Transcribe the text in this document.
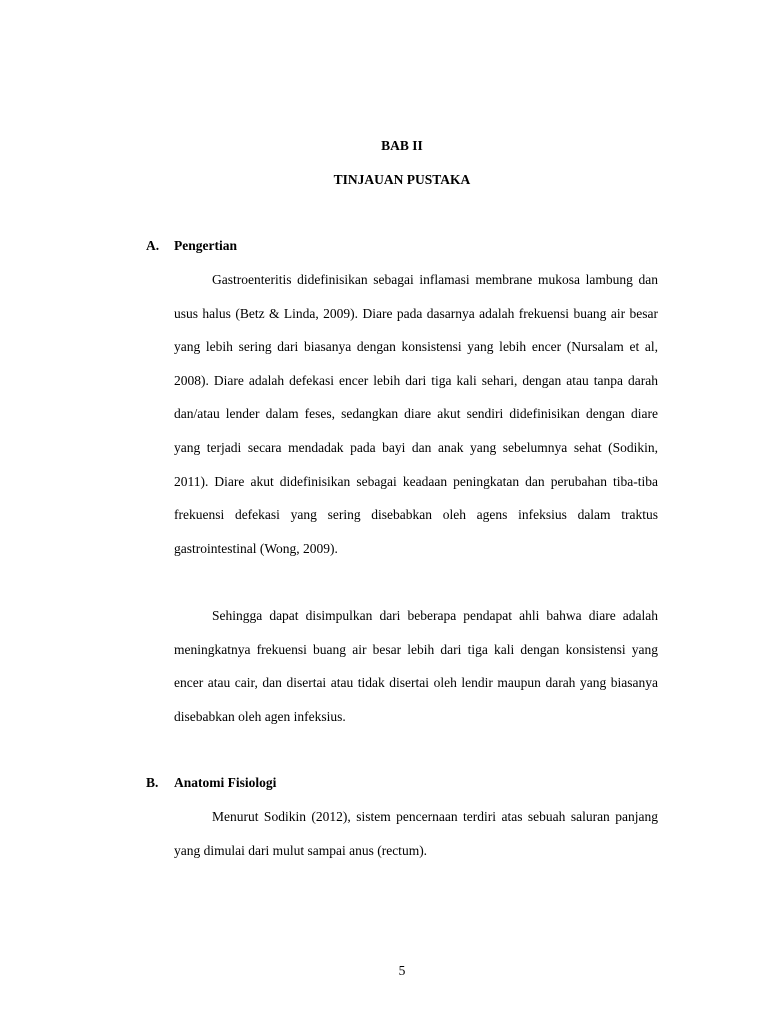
BAB II

TINJAUAN PUSTAKA

A. Pengertian

Gastroenteritis didefinisikan sebagai inflamasi membrane mukosa lambung dan usus halus (Betz & Linda, 2009). Diare pada dasarnya adalah frekuensi buang air besar yang lebih sering dari biasanya dengan konsistensi yang lebih encer (Nursalam et al, 2008). Diare adalah defekasi encer lebih dari tiga kali sehari, dengan atau tanpa darah dan/atau lender dalam feses, sedangkan diare akut sendiri didefinisikan dengan diare yang terjadi secara mendadak pada bayi dan anak yang sebelumnya sehat (Sodikin, 2011). Diare akut didefinisikan sebagai keadaan peningkatan dan perubahan tiba-tiba frekuensi defekasi yang sering disebabkan oleh agens infeksius dalam traktus gastrointestinal (Wong, 2009).

Sehingga dapat disimpulkan dari beberapa pendapat ahli bahwa diare adalah meningkatnya frekuensi buang air besar lebih dari tiga kali dengan konsistensi yang encer atau cair, dan disertai atau tidak disertai oleh lendir maupun darah yang biasanya disebabkan oleh agen infeksius.

B. Anatomi Fisiologi

Menurut Sodikin (2012), sistem pencernaan terdiri atas sebuah saluran panjang yang dimulai dari mulut sampai anus (rectum).

5
